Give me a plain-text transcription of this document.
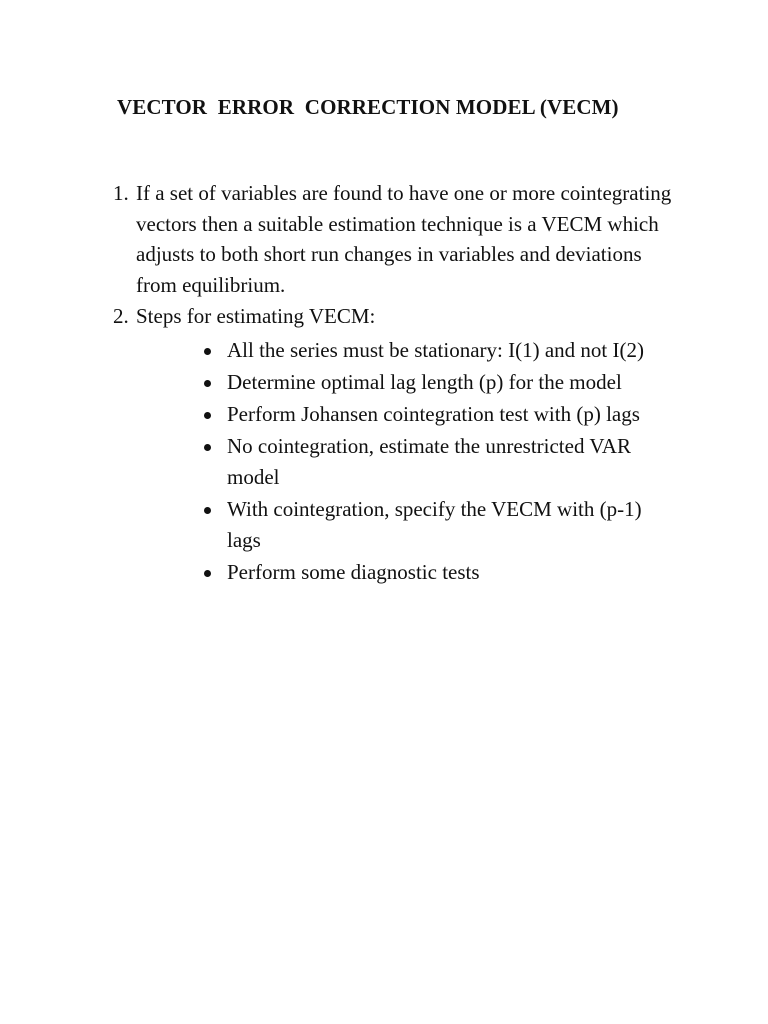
VECTOR  ERROR  CORRECTION MODEL (VECM)
1. If a set of variables are found to have one or more cointegrating vectors then a suitable estimation technique is a VECM which adjusts to both short run changes in variables and deviations from equilibrium.
2. Steps for estimating VECM:
All the series must be stationary: I(1) and not I(2)
Determine optimal lag length (p) for the model
Perform Johansen cointegration test with (p) lags
No cointegration, estimate the unrestricted VAR model
With cointegration, specify the VECM with (p-1) lags
Perform some diagnostic tests
